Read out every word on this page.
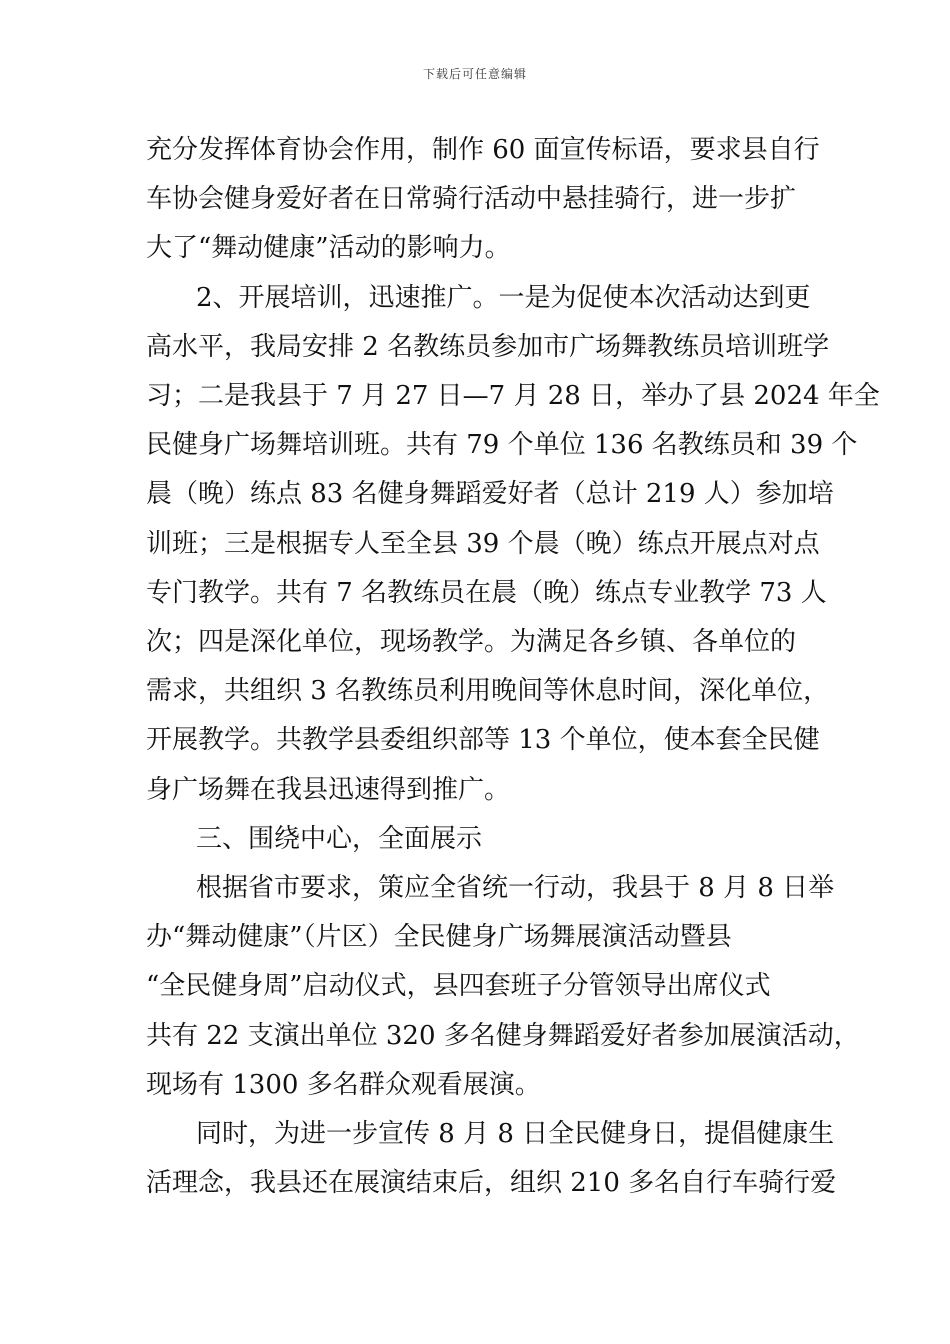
下载后可任意编辑
充分发挥体育协会作用，制作 60 面宣传标语，要求县自行
车协会健身爱好者在日常骑行活动中悬挂骑行，进一步扩
大了“舞动健康”活动的影响力。
2、开展培训，迅速推广。一是为促使本次活动达到更
高水平，我局安排 2 名教练员参加市广场舞教练员培训班学
习；二是我县于 7 月 27 日—7 月 28 日，举办了县 2024 年全
民健身广场舞培训班。共有 79 个单位 136 名教练员和 39 个
晨（晚）练点 83 名健身舞蹈爱好者（总计 219 人）参加培
训班；三是根据专人至全县 39 个晨（晚）练点开展点对点
专门教学。共有 7 名教练员在晨（晚）练点专业教学 73 人
次；四是深化单位，现场教学。为满足各乡镇、各单位的
需求，共组织 3 名教练员利用晚间等休息时间，深化单位，
开展教学。共教学县委组织部等 13 个单位，使本套全民健
身广场舞在我县迅速得到推广。
三、围绕中心，全面展示
根据省市要求，策应全省统一行动，我县于 8 月 8 日举
办“舞动健康”（片区）全民健身广场舞展演活动暨县
“全民健身周”启动仪式，县四套班子分管领导出席仪式
共有 22 支演出单位 320 多名健身舞蹈爱好者参加展演活动，
现场有 1300 多名群众观看展演。
同时，为进一步宣传 8 月 8 日全民健身日，提倡健康生
活理念，我县还在展演结束后，组织 210 多名自行车骑行爱
